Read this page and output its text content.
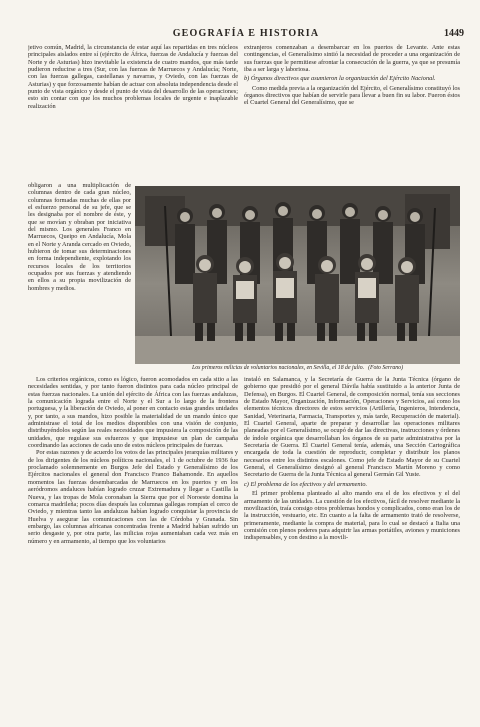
GEOGRAFÍA E HISTORIA	1449

jetivo común, Madrid, la circunstancia de estar aquí las repartidas en tres núcleos principales aislados entre sí (ejército de África, fuerzas de Andalucía y fuerzas del Norte y de Asturias) hizo inevitable la existencia de cuatro mandos, que más tarde pudieron reducirse a tres (Sur, con las fuerzas de Marruecos y Andalucía; Norte, con las fuerzas gallegas, castellanas y navarras, y Oviedo, con las fuerzas de Asturias) y que forzosamente habían de actuar con absoluta independencia desde el punto de vista orgánico y desde el punto de vista del desarrollo de las operaciones; esto sin contar con que los muchos problemas locales de urgente e inaplazable realización

obligaron a una multiplicación de columnas dentro de cada gran núcleo, columnas formadas muchas de ellas por el esfuerzo personal de su jefe, que se les designaba por el nombre de éste, y que se movían y obraban por iniciativa del mismo. Los generales Franco en Marruecos, Queipo en Andalucía, Mola en el Norte y Aranda cercado en Oviedo, hubieron de tomar sus determinaciones en forma independiente, explotando los recursos locales de los territorios ocupados por sus fuerzas y atendiendo en ellos a su propia movilización de hombres y medios.

Los criterios orgánicos, como es lógico, fueron acomodados en cada sitio a las necesidades sentidas, y por tanto fueron distintos para cada núcleo principal de estas fuerzas nacionales. La unión del ejército de África con las fuerzas andaluzas, la comunicación lograda entre el Norte y el Sur a lo largo de la frontera portuguesa, y la liberación de Oviedo, al poner en contacto estas grandes unidades y, por tanto, a sus mandos, hizo posible la materialidad de un mando único que administrase el total de los medios disponibles con una visión de conjunto, distribuyéndolos según las reales necesidades que impusiera la composición de las unidades, que regulase sus esfuerzos y que impusiese un plan de campaña coordinando las acciones de cada uno de estos núcleos principales de fuerzas.

Por estas razones y de acuerdo los votos de las principales jerarquías militares y de los dirigentes de los núcleos políticos nacionales, el 1 de octubre de 1936 fue proclamado solemnemente en Burgos Jefe del Estado y Generalísimo de los Ejércitos nacionales el general don Francisco Franco Bahamonde. En aquellos momentos las fuerzas desembarcadas de Marruecos en los puertos y en los aeródromos andaluces habían logrado cruzar Extremadura y llegar a Castilla la Nueva, y las tropas de Mola coronaban la Sierra que por el Noroeste domina la comarca madrileña; pocos días después las columnas gallegas rompían el cerco de Oviedo, y mientras tanto las andaluzas habían logrado conquistar la provincia de Huelva y asegurar las comunicaciones con las de Córdoba y Granada. Sin embargo, las columnas africanas concentradas frente a Madrid habían sufrido un serio desgaste y, por otra parte, las milicias rojas aumentaban cada vez más en número y en armamento, al tiempo que los voluntarios

extranjeros comenzaban a desembarcar en los puertos de Levante. Ante estas contingencias, el Generalísimo sintió la necesidad de proceder a una organización de sus fuerzas que le permitiese afrontar la consecución de la guerra, ya que se presumía iba a ser larga y laboriosa.

b) Órganos directivos que asumieron la organización del Ejército Nacional.

Como medida previa a la organización del Ejército, el Generalísimo constituyó los órganos directivos que habían de servirle para llevar a buen fin su labor. Fueron éstos el Cuartel General del Generalísimo, que se

Los primeros milicias de voluntarios nacionales, en Sevilla, el 18 de julio. (Foto Serrano)

instaló en Salamanca, y la Secretaría de Guerra de la Junta Técnica (órgano de gobierno que presidió por el general Dávila había sustituido a la anterior Junta de Defensa), en Burgos. El Cuartel General, de composición normal, tenía sus secciones de Estado Mayor, Organización, Información, Operaciones y Servicios, así como los elementos técnicos directores de estos servicios (Artillería, Ingenieros, Intendencia, Sanidad, Veterinaria, Farmacia, Transportes y, más tarde, Recuperación de material). El Cuartel General, aparte de preparar y desarrollar las operaciones militares planeadas por el Generalísimo, se ocupó de dar las directivas, instrucciones y órdenes de índole orgánica que desarrollaban los órganos de su parte administrativa por la Secretaría de Guerra. El Cuartel General tenía, además, una Sección Cartográfica encargada de toda la cuestión de reproducir, completar y distribuir los planos necesarios entre los distintos escalones. Como jefe de Estado Mayor de su Cuartel General, el Generalísimo designó al general Francisco Martín Moreno y como Secretario de Guerra de la Junta Técnica al general Germán Gil Yuste.

c) El problema de los efectivos y del armamento.

El primer problema planteado al alto mando era el de los efectivos y el del armamento de las unidades. La cuestión de los efectivos, fácil de resolver mediante la movilización, traía consigo otros problemas hondos y complicados, como eran los de la instrucción, vestuario, etc. En cuanto a la falta de armamento trató de resolverse, primeramente, mediante la compra de material, para lo cual se destacó a Italia una comisión con plenos poderes para adquirir las armas portátiles, aviones y municiones indispensables, y con destino a la movili-
